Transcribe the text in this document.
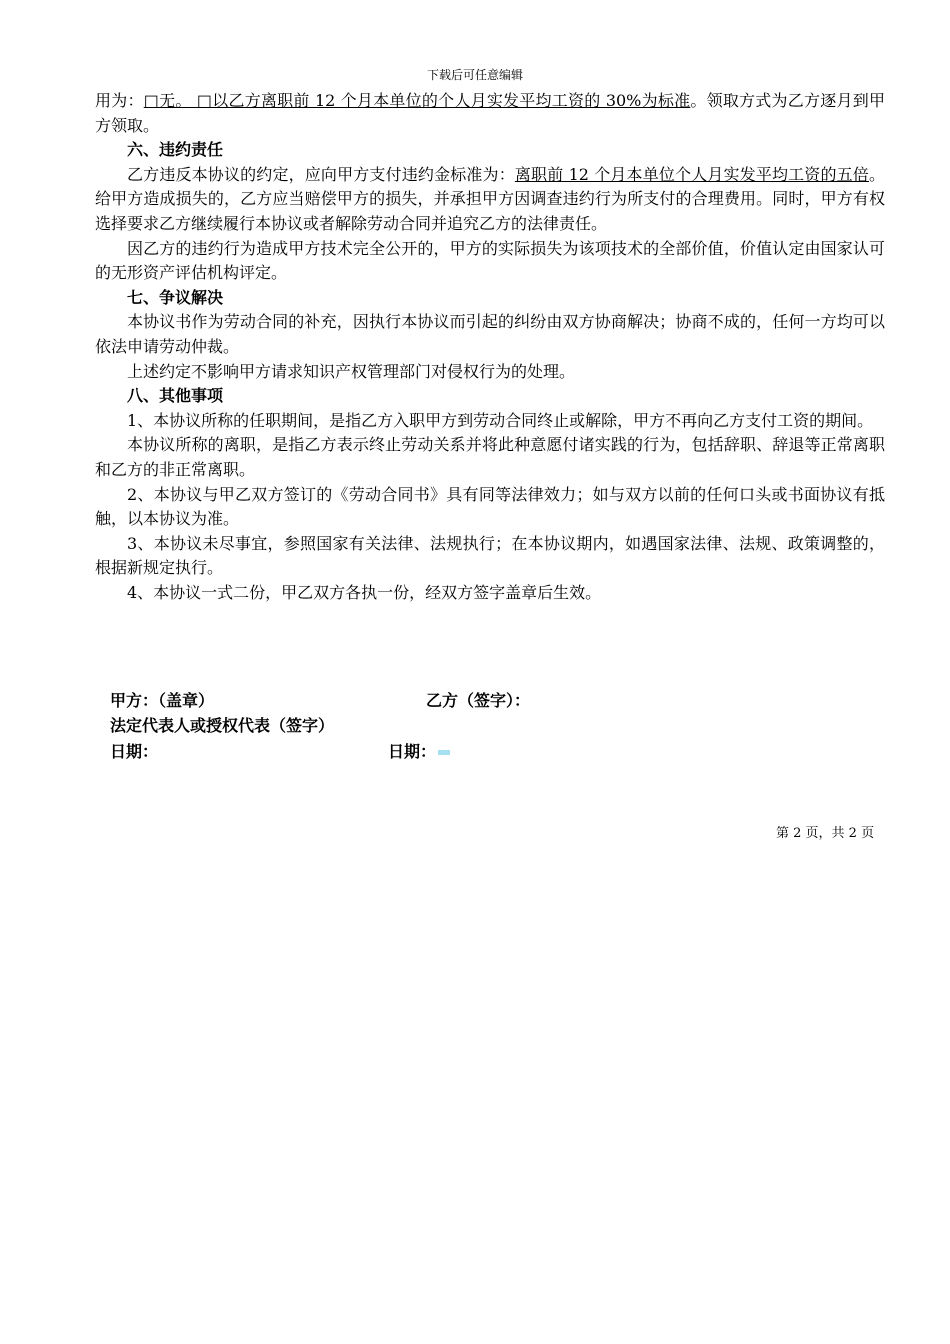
下载后可任意编辑

用为：□无。 □以乙方离职前 12 个月本单位的个人月实发平均工资的 30%为标准。领取方式为乙方逐月到甲方领取。

六、违约责任

乙方违反本协议的约定，应向甲方支付违约金标准为：离职前 12 个月本单位个人月实发平均工资的五倍。给甲方造成损失的，乙方应当赔偿甲方的损失，并承担甲方因调查违约行为所支付的合理费用。同时，甲方有权选择要求乙方继续履行本协议或者解除劳动合同并追究乙方的法律责任。

因乙方的违约行为造成甲方技术完全公开的，甲方的实际损失为该项技术的全部价值，价值认定由国家认可的无形资产评估机构评定。

七、争议解决

本协议书作为劳动合同的补充，因执行本协议而引起的纠纷由双方协商解决；协商不成的，任何一方均可以依法申请劳动仲裁。

上述约定不影响甲方请求知识产权管理部门对侵权行为的处理。

八、其他事项

1、本协议所称的任职期间，是指乙方入职甲方到劳动合同终止或解除，甲方不再向乙方支付工资的期间。

本协议所称的离职，是指乙方表示终止劳动关系并将此种意愿付诸实践的行为，包括辞职、辞退等正常离职和乙方的非正常离职。

2、本协议与甲乙双方签订的《劳动合同书》具有同等法律效力；如与双方以前的任何口头或书面协议有抵触，以本协议为准。

3、本协议未尽事宜，参照国家有关法律、法规执行；在本协议期内，如遇国家法律、法规、政策调整的，根据新规定执行。

4、本协议一式二份，甲乙双方各执一份，经双方签字盖章后生效。

甲方：（盖章）	乙方（签字）：
法定代表人或授权代表（签字）
日期：	日期：
第 2 页，共 2 页
